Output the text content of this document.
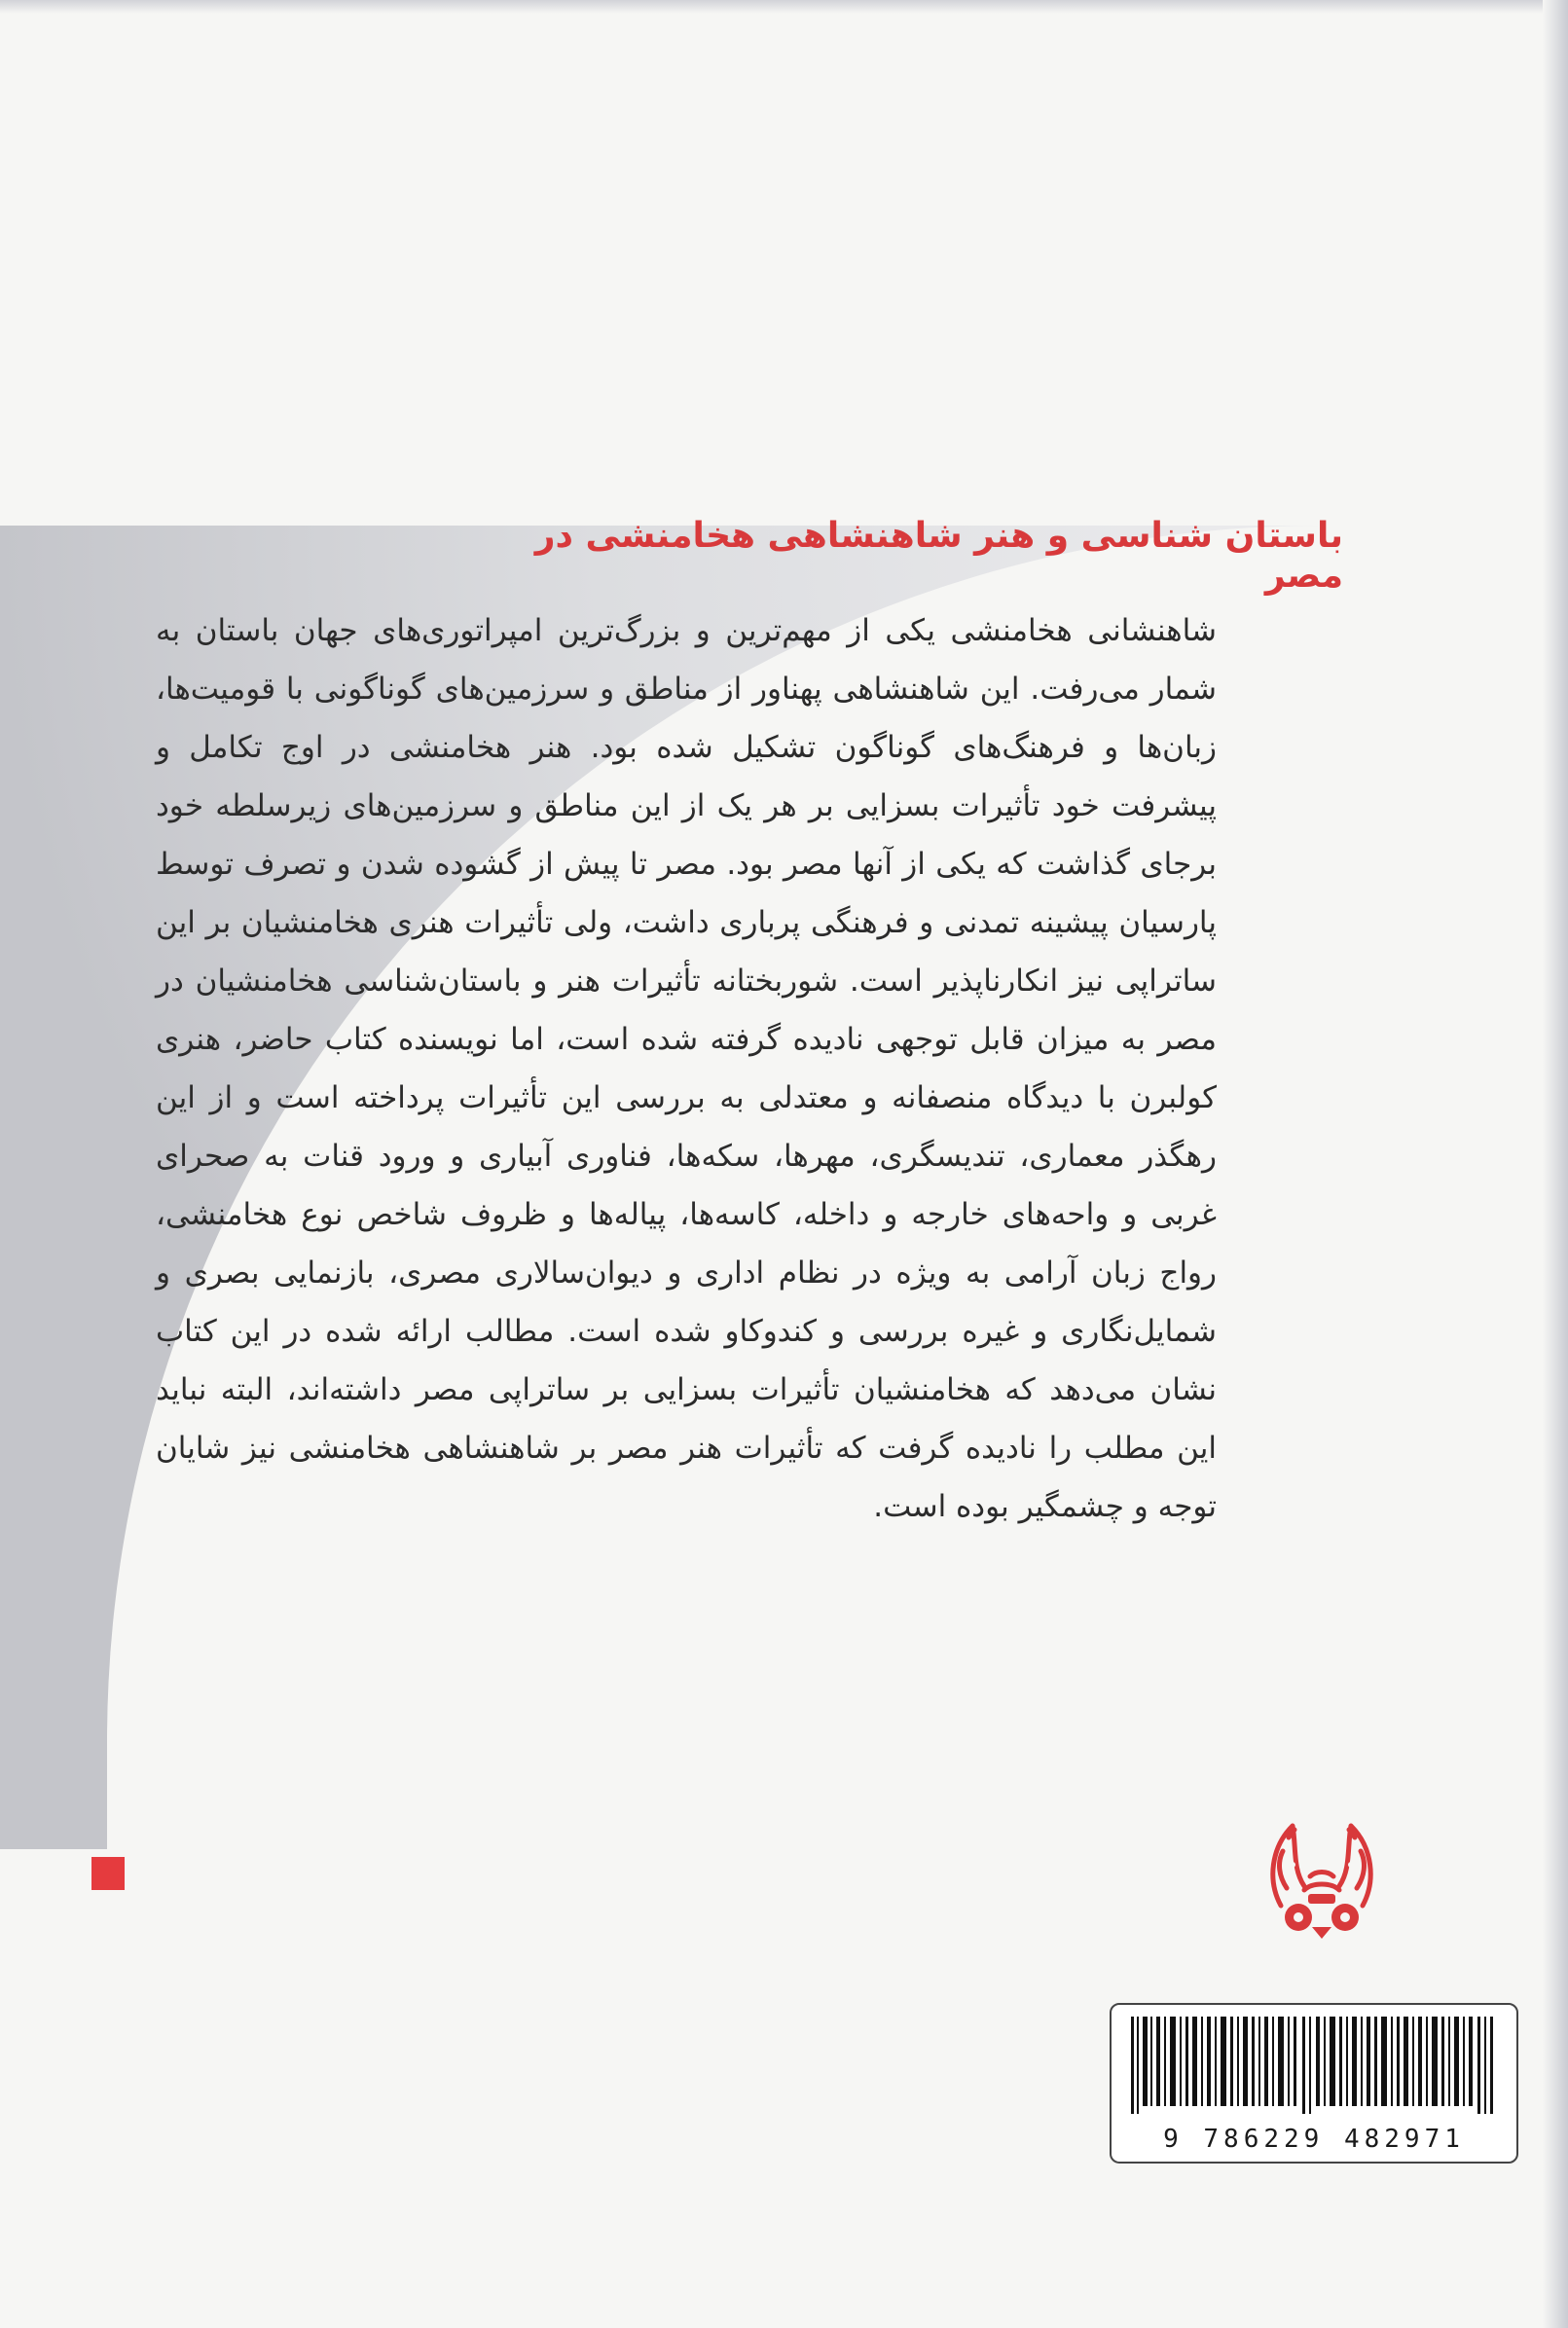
باستان شناسی و هنر شاهنشاهی هخامنشی در مصر

شاهنشانی هخامنشی یکی از مهم‌ترین و بزرگ‌ترین امپراتوری‌های جهان باستان به شمار می‌رفت. این شاهنشاهی پهناور از مناطق و سرزمین‌های گوناگونی با قومیت‌ها، زبان‌ها و فرهنگ‌های گوناگون تشکیل شده بود. هنر هخامنشی در اوج تکامل و پیشرفت خود تأثیرات بسزایی بر هر یک از این مناطق و سرزمین‌های زیرسلطه خود برجای گذاشت که یکی از آنها مصر بود. مصر تا پیش از گشوده شدن و تصرف توسط پارسیان پیشینه تمدنی و فرهنگی پرباری داشت، ولی تأثیرات هنری هخامنشیان بر این ساتراپی نیز انکارناپذیر است. شوربختانه تأثیرات هنر و باستان‌شناسی هخامنشیان در مصر به میزان قابل توجهی نادیده گرفته شده است، اما نویسنده کتاب حاضر، هنری کولبرن با دیدگاه منصفانه و معتدلی به بررسی این تأثیرات پرداخته است و از این رهگذر معماری، تندیسگری، مهرها، سکه‌ها، فناوری آبیاری و ورود قنات به صحرای غربی و واحه‌های خارجه و داخله، کاسه‌ها، پیاله‌ها و ظروف شاخص نوع هخامنشی، رواج زبان آرامی به ویژه در نظام اداری و دیوان‌سالاری مصری، بازنمایی بصری و شمایل‌نگاری و غیره بررسی و کندوکاو شده است. مطالب ارائه شده در این کتاب نشان می‌دهد که هخامنشیان تأثیرات بسزایی بر ساتراپی مصر داشته‌اند، البته نباید این مطلب را نادیده گرفت که تأثیرات هنر مصر بر شاهنشاهی هخامنشی نیز شایان توجه و چشمگیر بوده است.

9 786229 482971
